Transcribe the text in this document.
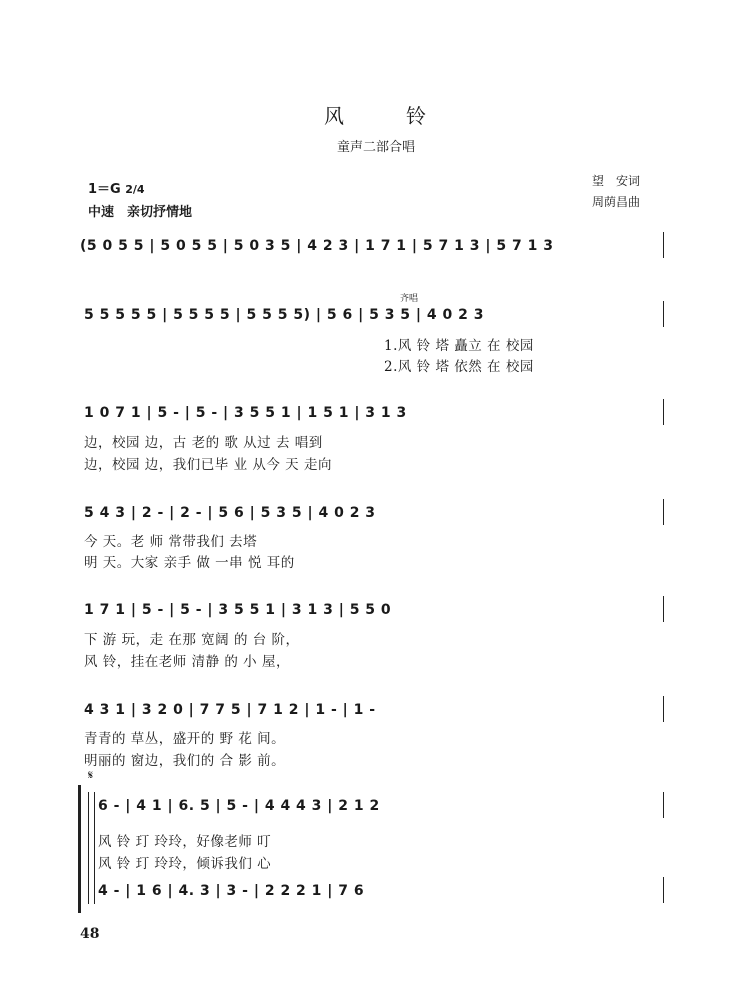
风	铃
童声二部合唱
望　安词
周荫昌曲
1＝G 2/4
中速　亲切抒情地
(5 0 5 5 | 5 0 5 5 | 5 0 3 5 | 4 2 3 | 1 7 1 | 5 7 1 3 | 5 7 1 3
5 5 5 5 5 | 5 5 5 5 | 5 5 5 5) | 5 6 | 5 3 5 | 4 0 2 3
齐唱
1.风 铃 塔 矗立 在 校园
2.风 铃 塔 依然 在 校园
1 0 7 1 | 5 - | 5 - | 3 5 5 1 | 1 5 1 | 3 1 3
边，校园 边，古 老的 歌 从过 去 唱到
边，校园 边，我们已毕 业 从今 天 走向
5 4 3 | 2 - | 2 - | 5 6 | 5 3 5 | 4 0 2 3
今 天。老 师 常带我们 去塔
明 天。大家 亲手 做 一串 悦 耳的
1 7 1 | 5 - | 5 - | 3 5 5 1 | 3 1 3 | 5 5 0
下 游 玩，走 在那 宽阔 的 台 阶，
风 铃，挂在老师 清静 的 小 屋，
4 3 1 | 3 2 0 | 7 7 5 | 7 1 2 | 1 - | 1 -
青青的 草丛，盛开的 野 花 间。
明丽的 窗边，我们的 合 影 前。
𝄋
6 - | 4 1 | 6. 5 | 5 - | 4 4 4 3 | 2 1 2
风 铃 玎 玲玲，好像老师 叮
风 铃 玎 玲玲，倾诉我们 心
4 - | 1 6 | 4. 3 | 3 - | 2 2 2 1 | 7 6
48
